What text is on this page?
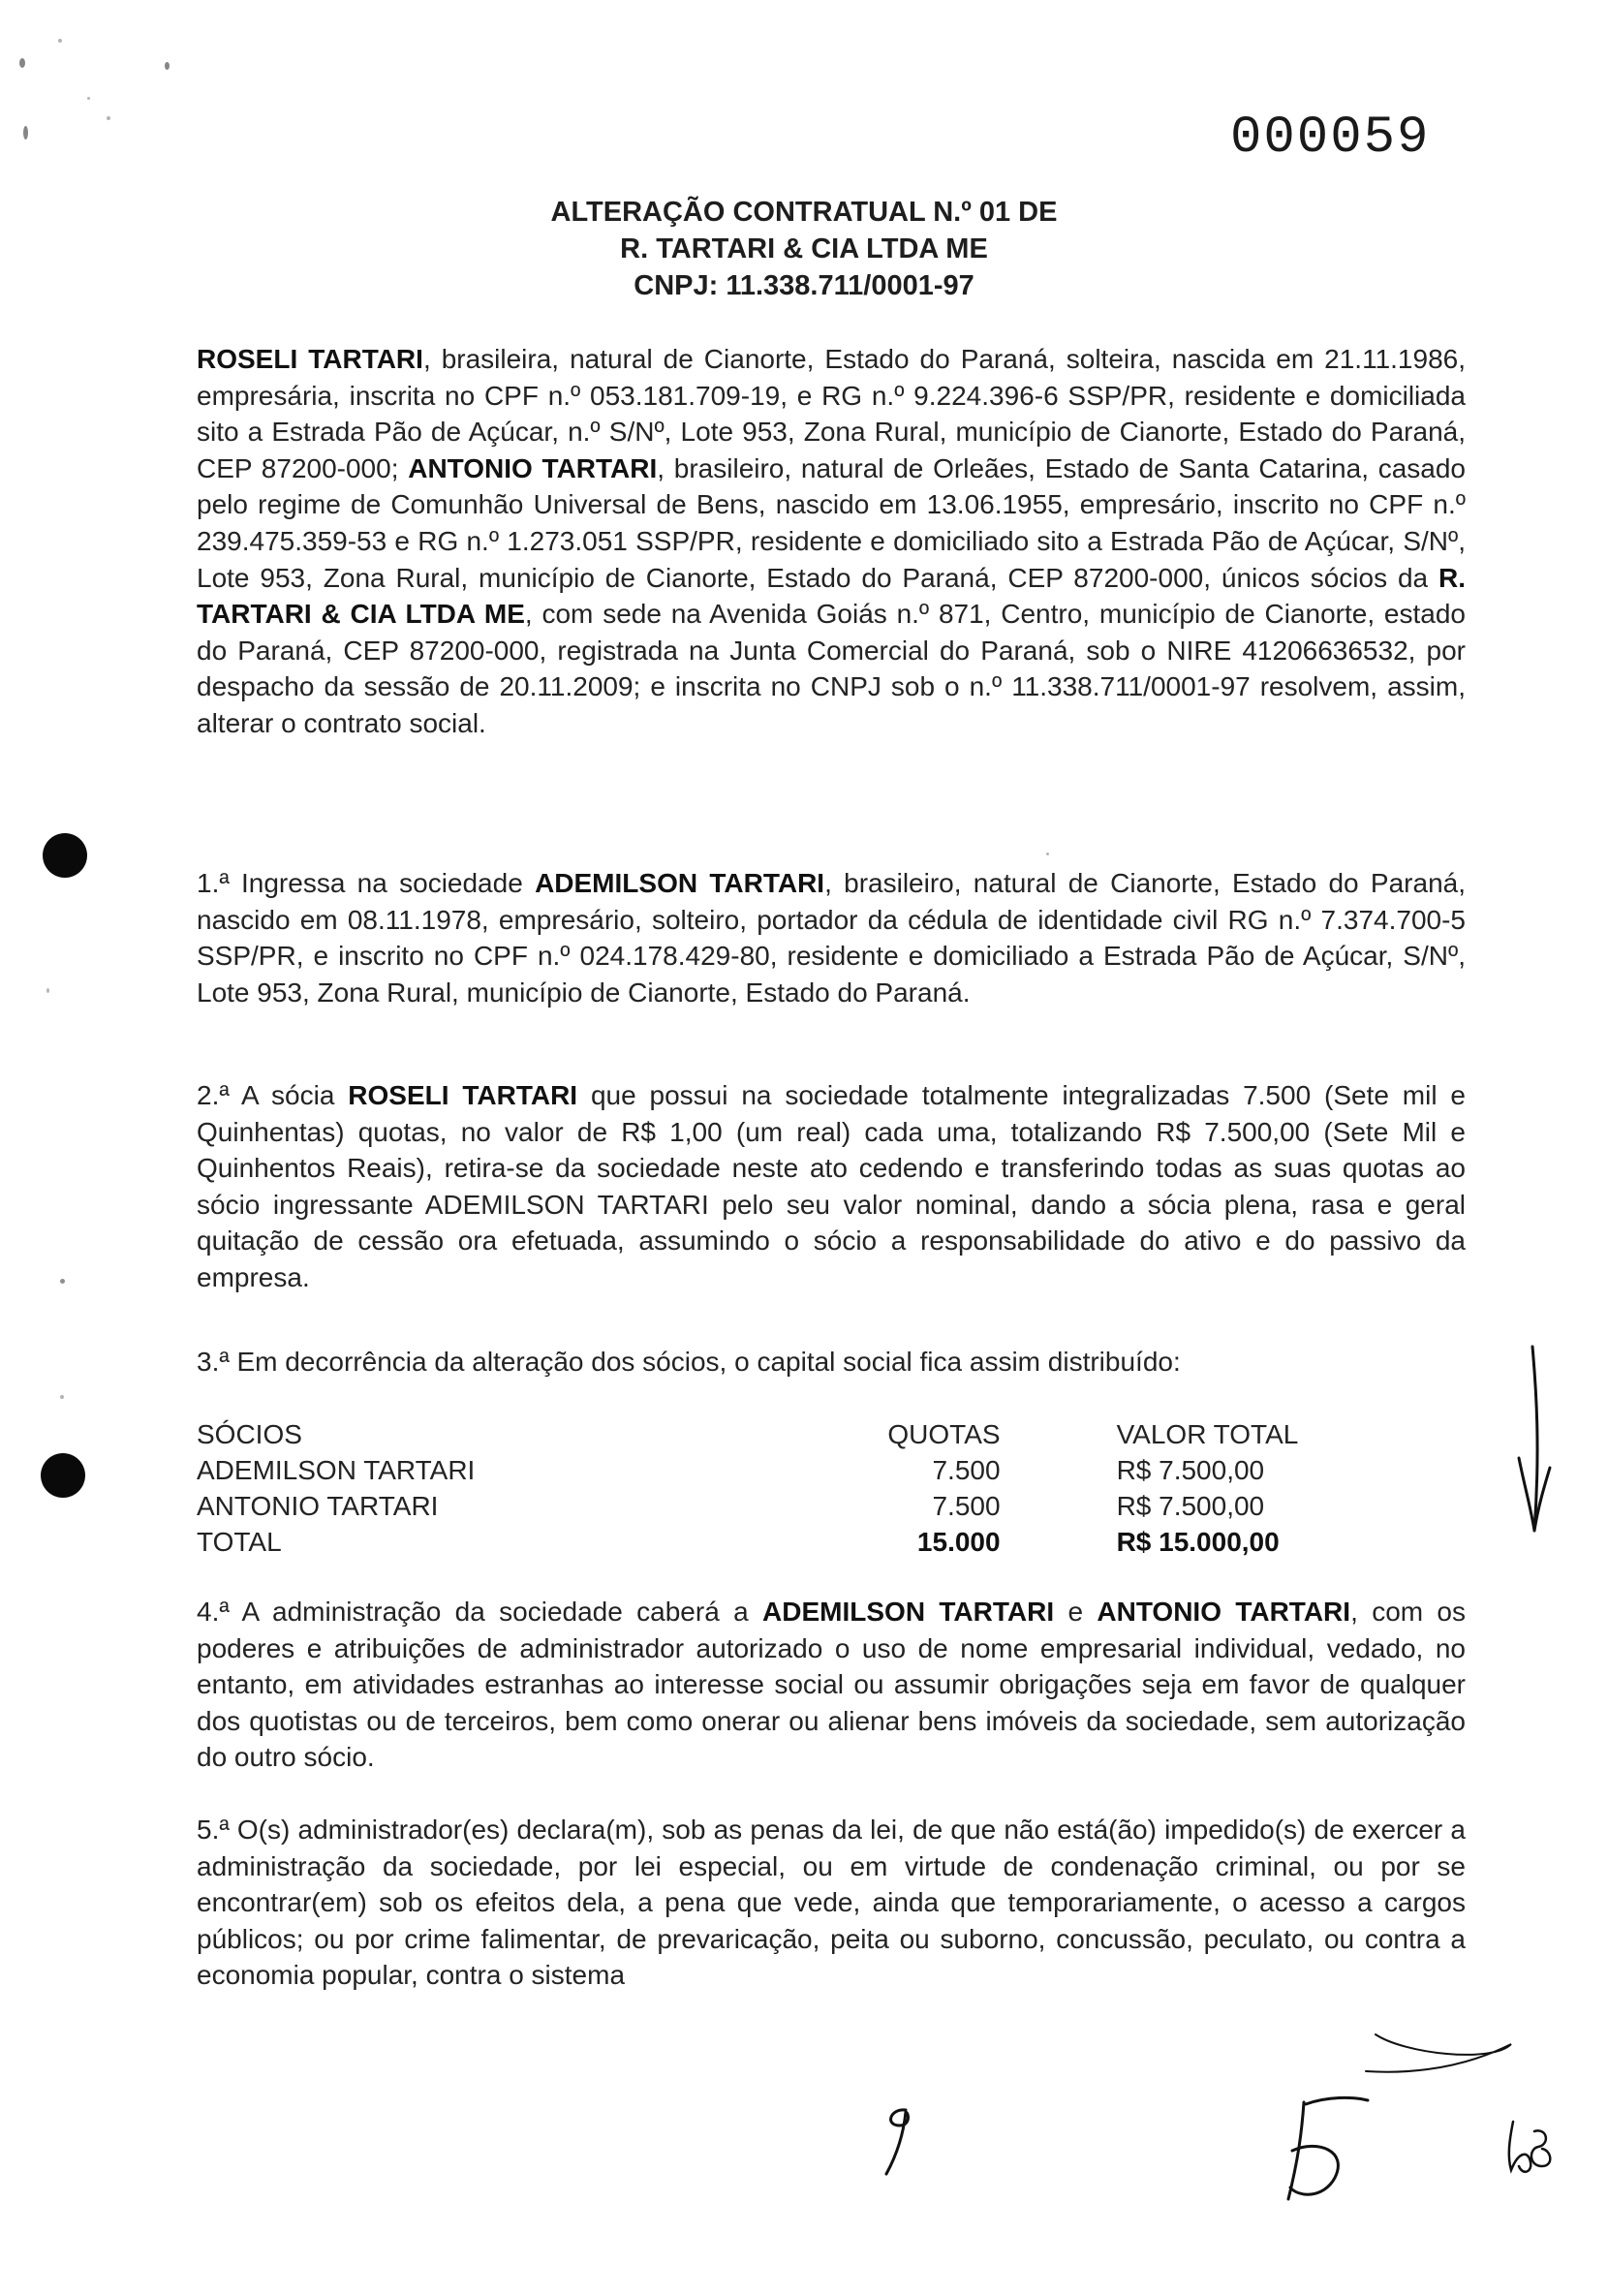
000059
ALTERAÇÃO CONTRATUAL N.º 01 DE
R. TARTARI & CIA LTDA ME
CNPJ: 11.338.711/0001-97

ROSELI TARTARI, brasileira, natural de Cianorte, Estado do Paraná, solteira, nascida em 21.11.1986, empresária, inscrita no CPF n.º 053.181.709-19, e RG n.º 9.224.396-6 SSP/PR, residente e domiciliada sito a Estrada Pão de Açúcar, n.º S/Nº, Lote 953, Zona Rural, município de Cianorte, Estado do Paraná, CEP 87200-000; ANTONIO TARTARI, brasileiro, natural de Orleães, Estado de Santa Catarina, casado pelo regime de Comunhão Universal de Bens, nascido em 13.06.1955, empresário, inscrito no CPF n.º 239.475.359-53 e RG n.º 1.273.051 SSP/PR, residente e domiciliado sito a Estrada Pão de Açúcar, S/Nº, Lote 953, Zona Rural, município de Cianorte, Estado do Paraná, CEP 87200-000, únicos sócios da R. TARTARI & CIA LTDA ME, com sede na Avenida Goiás n.º 871, Centro, município de Cianorte, estado do Paraná, CEP 87200-000, registrada na Junta Comercial do Paraná, sob o NIRE 41206636532, por despacho da sessão de 20.11.2009; e inscrita no CNPJ sob o n.º 11.338.711/0001-97 resolvem, assim, alterar o contrato social.

1.ª Ingressa na sociedade ADEMILSON TARTARI, brasileiro, natural de Cianorte, Estado do Paraná, nascido em 08.11.1978, empresário, solteiro, portador da cédula de identidade civil RG n.º 7.374.700-5 SSP/PR, e inscrito no CPF n.º 024.178.429-80, residente e domiciliado a Estrada Pão de Açúcar, S/Nº, Lote 953, Zona Rural, município de Cianorte, Estado do Paraná.

2.ª A sócia ROSELI TARTARI que possui na sociedade totalmente integralizadas 7.500 (Sete mil e Quinhentas) quotas, no valor de R$ 1,00 (um real) cada uma, totalizando R$ 7.500,00 (Sete Mil e Quinhentos Reais), retira-se da sociedade neste ato cedendo e transferindo todas as suas quotas ao sócio ingressante ADEMILSON TARTARI pelo seu valor nominal, dando a sócia plena, rasa e geral quitação de cessão ora efetuada, assumindo o sócio a responsabilidade do ativo e do passivo da empresa.

3.ª Em decorrência da alteração dos sócios, o capital social fica assim distribuído:

SÓCIOS	QUOTAS	VALOR TOTAL
ADEMILSON TARTARI	7.500	R$ 7.500,00
ANTONIO TARTARI	7.500	R$ 7.500,00
TOTAL	15.000	R$ 15.000,00

4.ª A administração da sociedade caberá a ADEMILSON TARTARI e ANTONIO TARTARI, com os poderes e atribuições de administrador autorizado o uso de nome empresarial individual, vedado, no entanto, em atividades estranhas ao interesse social ou assumir obrigações seja em favor de qualquer dos quotistas ou de terceiros, bem como onerar ou alienar bens imóveis da sociedade, sem autorização do outro sócio.

5.ª O(s) administrador(es) declara(m), sob as penas da lei, de que não está(ão) impedido(s) de exercer a administração da sociedade, por lei especial, ou em virtude de condenação criminal, ou por se encontrar(em) sob os efeitos dela, a pena que vede, ainda que temporariamente, o acesso a cargos públicos; ou por crime falimentar, de prevaricação, peita ou suborno, concussão, peculato, ou contra a economia popular, contra o sistema
